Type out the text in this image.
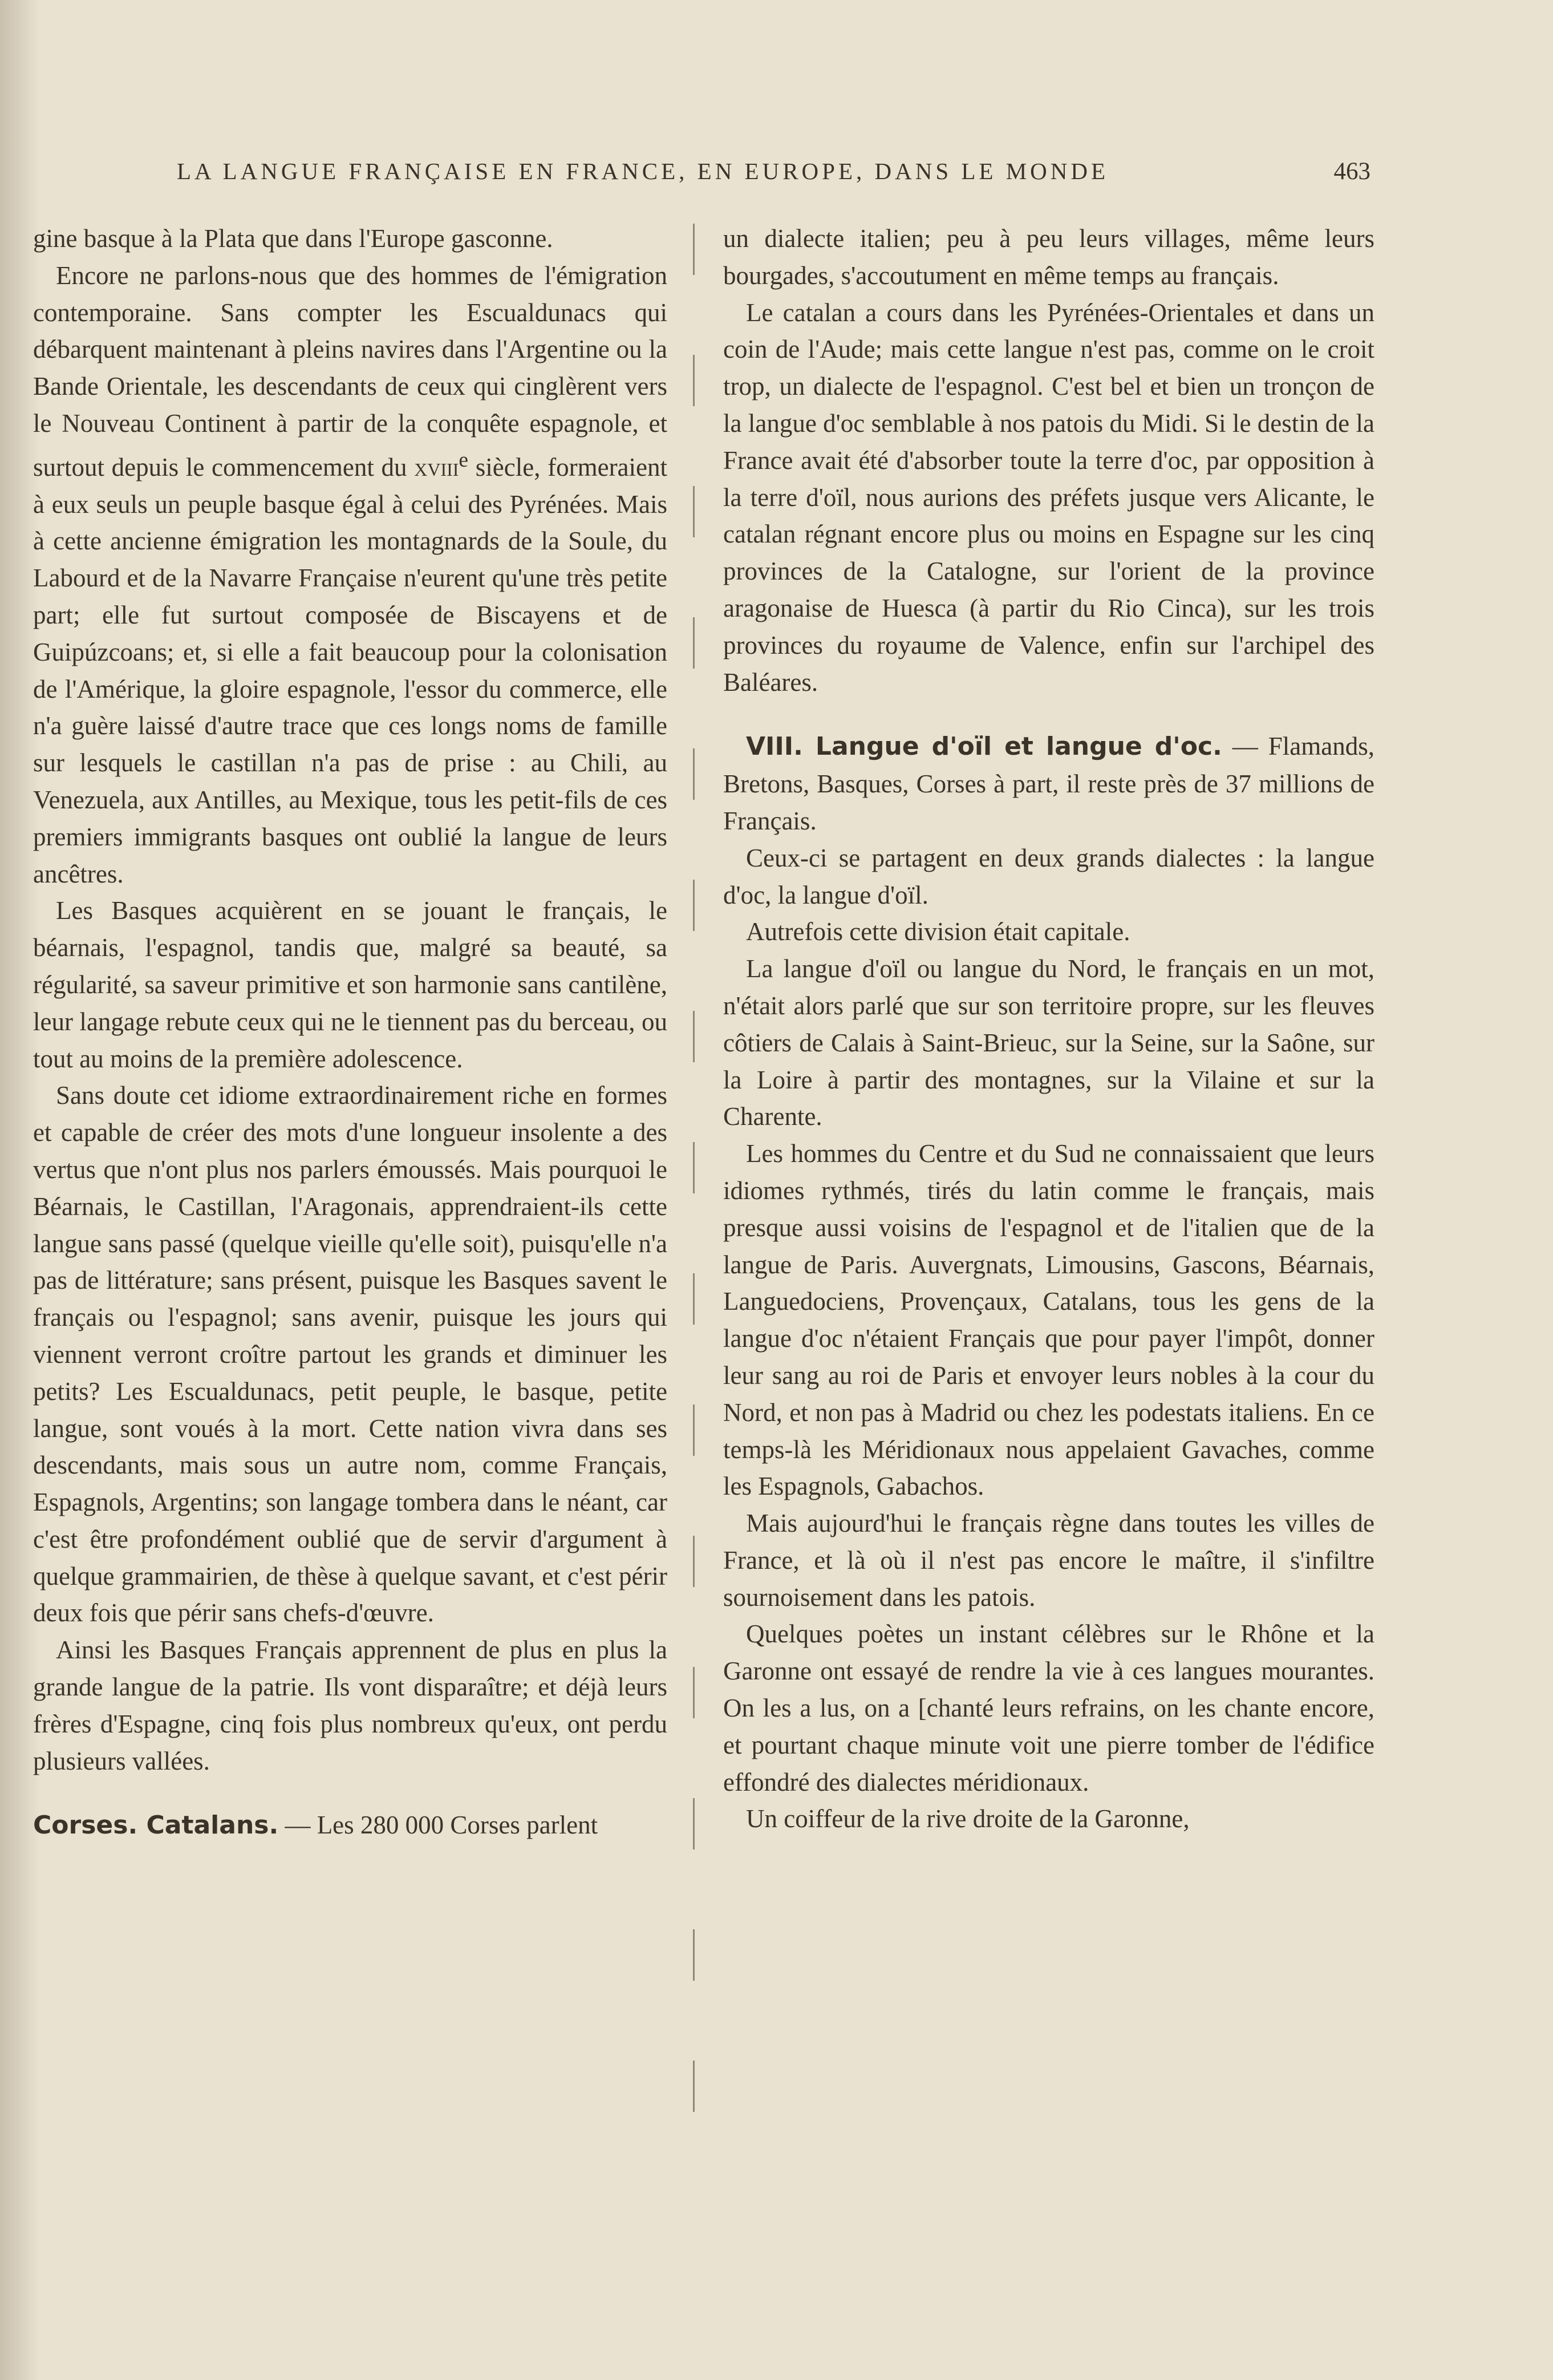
LA LANGUE FRANÇAISE EN FRANCE, EN EUROPE, DANS LE MONDE	463

gine basque à la Plata que dans l'Europe gasconne.

Encore ne parlons-nous que des hommes de l'émigration contemporaine. Sans compter les Escualdunacs qui débarquent maintenant à pleins navires dans l'Argentine ou la Bande Orientale, les descendants de ceux qui cinglèrent vers le Nouveau Continent à partir de la conquête espagnole, et surtout depuis le commencement du xviii$^e$ siècle, formeraient à eux seuls un peuple basque égal à celui des Pyrénées. Mais à cette ancienne émigration les montagnards de la Soule, du Labourd et de la Navarre Française n'eurent qu'une très petite part; elle fut surtout composée de Biscayens et de Guipúzcoans; et, si elle a fait beaucoup pour la colonisation de l'Amérique, la gloire espagnole, l'essor du commerce, elle n'a guère laissé d'autre trace que ces longs noms de famille sur lesquels le castillan n'a pas de prise : au Chili, au Venezuela, aux Antilles, au Mexique, tous les petit-fils de ces premiers immigrants basques ont oublié la langue de leurs ancêtres.

Les Basques acquièrent en se jouant le français, le béarnais, l'espagnol, tandis que, malgré sa beauté, sa régularité, sa saveur primitive et son harmonie sans cantilène, leur langage rebute ceux qui ne le tiennent pas du berceau, ou tout au moins de la première adolescence.

Sans doute cet idiome extraordinairement riche en formes et capable de créer des mots d'une longueur insolente a des vertus que n'ont plus nos parlers émoussés. Mais pourquoi le Béarnais, le Castillan, l'Aragonais, apprendraient-ils cette langue sans passé (quelque vieille qu'elle soit), puisqu'elle n'a pas de littérature; sans présent, puisque les Basques savent le français ou l'espagnol; sans avenir, puisque les jours qui viennent verront croître partout les grands et diminuer les petits? Les Escualdunacs, petit peuple, le basque, petite langue, sont voués à la mort. Cette nation vivra dans ses descendants, mais sous un autre nom, comme Français, Espagnols, Argentins; son langage tombera dans le néant, car c'est être profondément oublié que de servir d'argument à quelque grammairien, de thèse à quelque savant, et c'est périr deux fois que périr sans chefs-d'œuvre.

Ainsi les Basques Français apprennent de plus en plus la grande langue de la patrie. Ils vont disparaître; et déjà leurs frères d'Espagne, cinq fois plus nombreux qu'eux, ont perdu plusieurs vallées.

Corses. Catalans. — Les 280 000 Corses parlent

un dialecte italien; peu à peu leurs villages, même leurs bourgades, s'accoutument en même temps au français.

Le catalan a cours dans les Pyrénées-Orientales et dans un coin de l'Aude; mais cette langue n'est pas, comme on le croit trop, un dialecte de l'espagnol. C'est bel et bien un tronçon de la langue d'oc semblable à nos patois du Midi. Si le destin de la France avait été d'absorber toute la terre d'oc, par opposition à la terre d'oïl, nous aurions des préfets jusque vers Alicante, le catalan régnant encore plus ou moins en Espagne sur les cinq provinces de la Catalogne, sur l'orient de la province aragonaise de Huesca (à partir du Rio Cinca), sur les trois provinces du royaume de Valence, enfin sur l'archipel des Baléares.

VIII. Langue d'oïl et langue d'oc. — Flamands, Bretons, Basques, Corses à part, il reste près de 37 millions de Français.

Ceux-ci se partagent en deux grands dialectes : la langue d'oc, la langue d'oïl.

Autrefois cette division était capitale.

La langue d'oïl ou langue du Nord, le français en un mot, n'était alors parlé que sur son territoire propre, sur les fleuves côtiers de Calais à Saint-Brieuc, sur la Seine, sur la Saône, sur la Loire à partir des montagnes, sur la Vilaine et sur la Charente.

Les hommes du Centre et du Sud ne connaissaient que leurs idiomes rythmés, tirés du latin comme le français, mais presque aussi voisins de l'espagnol et de l'italien que de la langue de Paris. Auvergnats, Limousins, Gascons, Béarnais, Languedociens, Provençaux, Catalans, tous les gens de la langue d'oc n'étaient Français que pour payer l'impôt, donner leur sang au roi de Paris et envoyer leurs nobles à la cour du Nord, et non pas à Madrid ou chez les podestats italiens. En ce temps-là les Méridionaux nous appelaient Gavaches, comme les Espagnols, Gabachos.

Mais aujourd'hui le français règne dans toutes les villes de France, et là où il n'est pas encore le maître, il s'infiltre sournoisement dans les patois.

Quelques poètes un instant célèbres sur le Rhône et la Garonne ont essayé de rendre la vie à ces langues mourantes. On les a lus, on a [chanté leurs refrains, on les chante encore, et pourtant chaque minute voit une pierre tomber de l'édifice effondré des dialectes méridionaux.

Un coiffeur de la rive droite de la Garonne,
